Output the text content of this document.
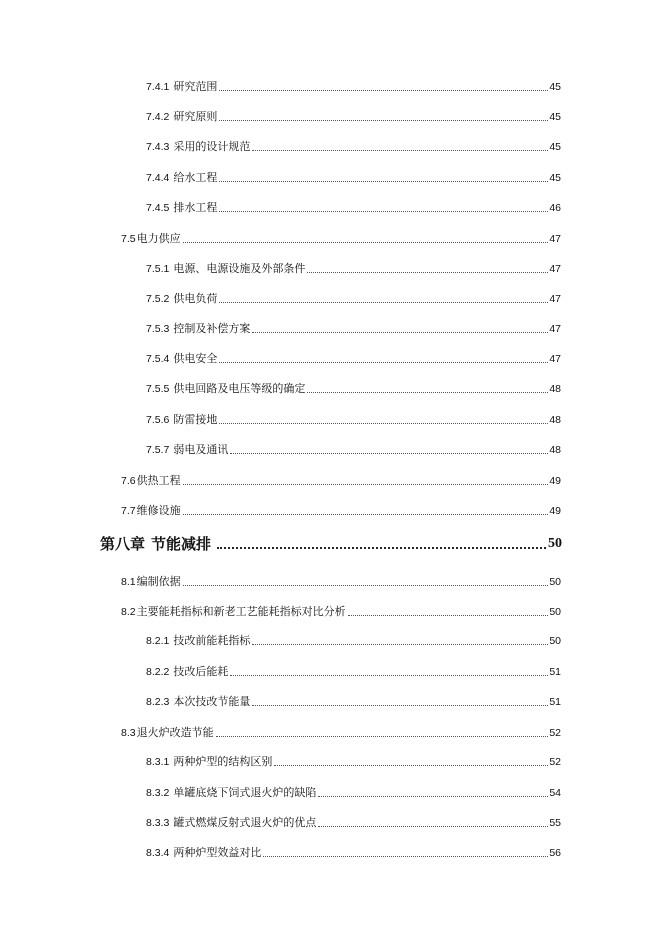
7.4.1 研究范围	45
7.4.2 研究原则	45
7.4.3 采用的设计规范	45
7.4.4 给水工程	45
7.4.5 排水工程	46
7.5电力供应	47
7.5.1 电源、电源设施及外部条件	47
7.5.2 供电负荷	47
7.5.3 控制及补偿方案	47
7.5.4 供电安全	47
7.5.5 供电回路及电压等级的确定	48
7.5.6 防雷接地	48
7.5.7 弱电及通讯	48
7.6供热工程	49
7.7维修设施	49
第八章 节能减排	50
8.1编制依据	50
8.2主要能耗指标和新老工艺能耗指标对比分析	50
8.2.1 技改前能耗指标	50
8.2.2 技改后能耗	51
8.2.3 本次技改节能量	51
8.3退火炉改造节能	52
8.3.1 两种炉型的结构区别	52
8.3.2 单罐底烧下饲式退火炉的缺陷	54
8.3.3 罐式燃煤反射式退火炉的优点	55
8.3.4 两种炉型效益对比	56
